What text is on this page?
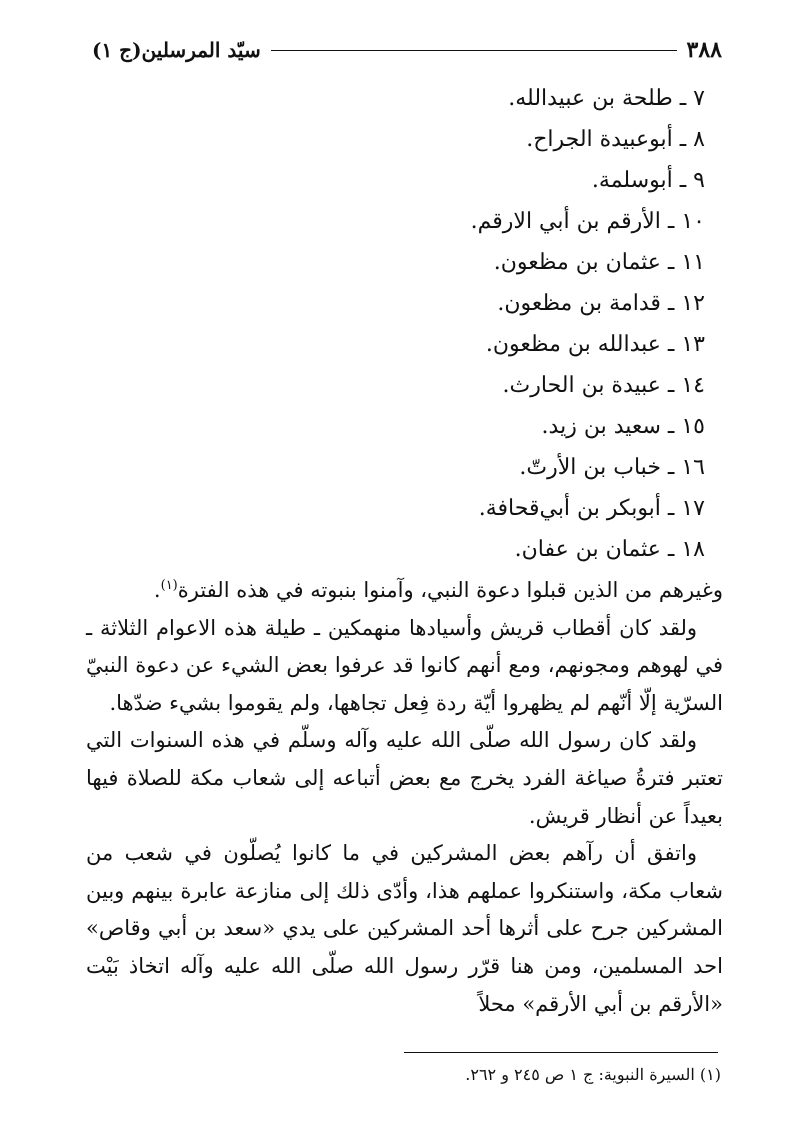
٣٨٨
سيّد المرسلين(ج ١)
٧ ـ طلحة بن عبيدالله.
٨ ـ أبوعبيدة الجراح.
٩ ـ أبوسلمة.
١٠ ـ الأرقم بن أبي الارقم.
١١ ـ عثمان بن مظعون.
١٢ ـ قدامة بن مظعون.
١٣ ـ عبدالله بن مظعون.
١٤ ـ عبيدة بن الحارث.
١٥ ـ سعيد بن زيد.
١٦ ـ خباب بن الأرتّ.
١٧ ـ أبوبكر بن أبي‌قحافة.
١٨ ـ عثمان بن عفان.

وغيرهم من الذين قبلوا دعوة النبي، وآمنوا بنبوته في هذه الفترة$^{(١)}$.

ولقد كان أقطاب قريش وأسيادها منهمكين ـ طيلة هذه الاعوام الثلاثة ـ في لهوهم ومجونهم، ومع أنهم كانوا قد عرفوا بعض الشيء عن دعوة النبيّ السرّية إلّا أنّهم لم يظهروا أيّة ردة فِعل تجاهها، ولم يقوموا بشيء ضدّها.

ولقد كان رسول الله صلّى الله عليه وآله وسلّم في هذه السنوات التي تعتبر فترةُ صياغة الفرد يخرج مع بعض أتباعه إلى شعاب مكة للصلاة فيها بعيداً عن أنظار قريش.

واتفق أن رآهم بعض المشركين في ما كانوا يُصلّون في شعب من شعاب مكة، واستنكروا عملهم هذا، وأدّى ذلك إلى منازعة عابرة بينهم وبين المشركين جرح على أثرها أحد المشركين على يدي «سعد بن أبي وقاص» احد المسلمين، ومن هنا قرّر رسول الله صلّى الله عليه وآله اتخاذ بَيْت «الأرقم بن أبي الأرقم» محلاً

(١) السيرة النبوية: ج ١ ص ٢٤٥ و ٢٦٢.
